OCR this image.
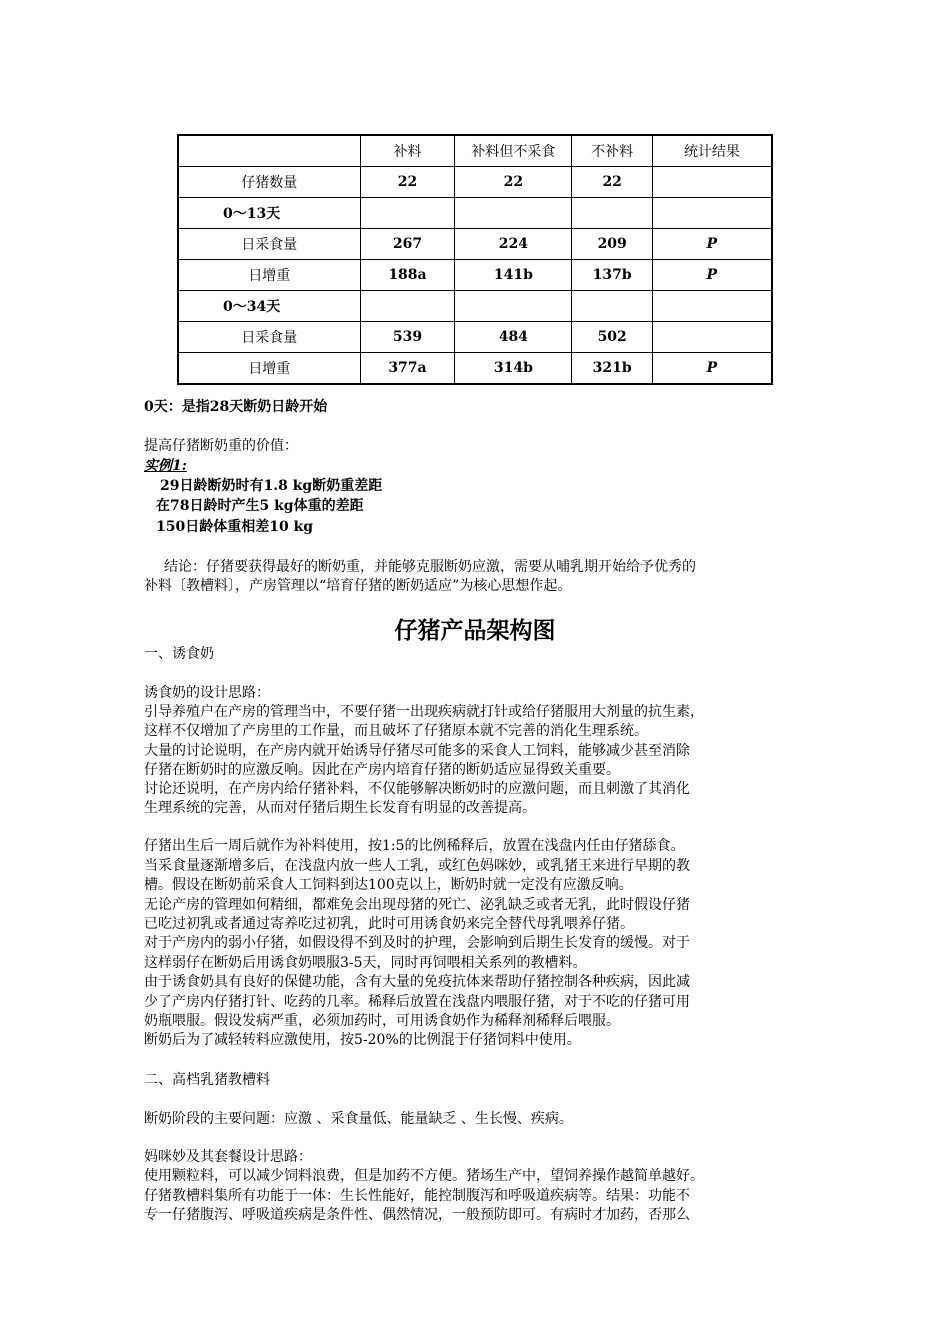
	补料	补料但不采食	不补料	统计结果
仔猪数量	22	22	22	
0～13天				
日采食量	267	224	209	P
日增重	188a	141b	137b	P
0～34天				
日采食量	539	484	502	
日增重	377a	314b	321b	P
0天：是指28天断奶日龄开始
提高仔猪断奶重的价值：
实例1:
29日龄断奶时有1.8 kg断奶重差距
在78日龄时产生5 kg体重的差距
150日龄体重相差10 kg
结论：仔猪要获得最好的断奶重，并能够克服断奶应激，需要从哺乳期开始给予优秀的
补料〔教槽料〕，产房管理以“培育仔猪的断奶适应”为核心思想作起。
仔猪产品架构图
一、诱食奶
诱食奶的设计思路：
引导养殖户在产房的管理当中，不要仔猪一出现疾病就打针或给仔猪服用大剂量的抗生素，
这样不仅增加了产房里的工作量，而且破坏了仔猪原本就不完善的消化生理系统。
大量的讨论说明，在产房内就开始诱导仔猪尽可能多的采食人工饲料，能够减少甚至消除
仔猪在断奶时的应激反响。因此在产房内培育仔猪的断奶适应显得致关重要。
讨论还说明，在产房内给仔猪补料，不仅能够解决断奶时的应激问题，而且刺激了其消化
生理系统的完善，从而对仔猪后期生长发育有明显的改善提高。
仔猪出生后一周后就作为补料使用，按1:5的比例稀释后，放置在浅盘内任由仔猪舔食。
当采食量逐渐增多后，在浅盘内放一些人工乳，或红色妈咪妙，或乳猪王来进行早期的教
槽。假设在断奶前采食人工饲料到达100克以上，断奶时就一定没有应激反响。
无论产房的管理如何精细，都难免会出现母猪的死亡、泌乳缺乏或者无乳，此时假设仔猪
已吃过初乳或者通过寄养吃过初乳，此时可用诱食奶来完全替代母乳喂养仔猪。
对于产房内的弱小仔猪，如假设得不到及时的护理，会影响到后期生长发育的缓慢。对于
这样弱仔在断奶后用诱食奶喂服3-5天，同时再饲喂相关系列的教槽料。
由于诱食奶具有良好的保健功能，含有大量的免疫抗体来帮助仔猪控制各种疾病，因此减
少了产房内仔猪打针、吃药的几率。稀释后放置在浅盘内喂服仔猪，对于不吃的仔猪可用
奶瓶喂服。假设发病严重，必须加药时，可用诱食奶作为稀释剂稀释后喂服。
断奶后为了减轻转料应激使用，按5-20%的比例混于仔猪饲料中使用。
二、高档乳猪教槽料
断奶阶段的主要问题：应激 、采食量低、能量缺乏 、生长慢、疾病。
妈咪妙及其套餐设计思路：
使用颗粒料，可以减少饲料浪费，但是加药不方便。猪场生产中，望饲养操作越简单越好。
仔猪教槽料集所有功能于一体：生长性能好，能控制腹泻和呼吸道疾病等。结果：功能不
专一仔猪腹泻、呼吸道疾病是条件性、偶然情况，一般预防即可。有病时才加药，否那么
